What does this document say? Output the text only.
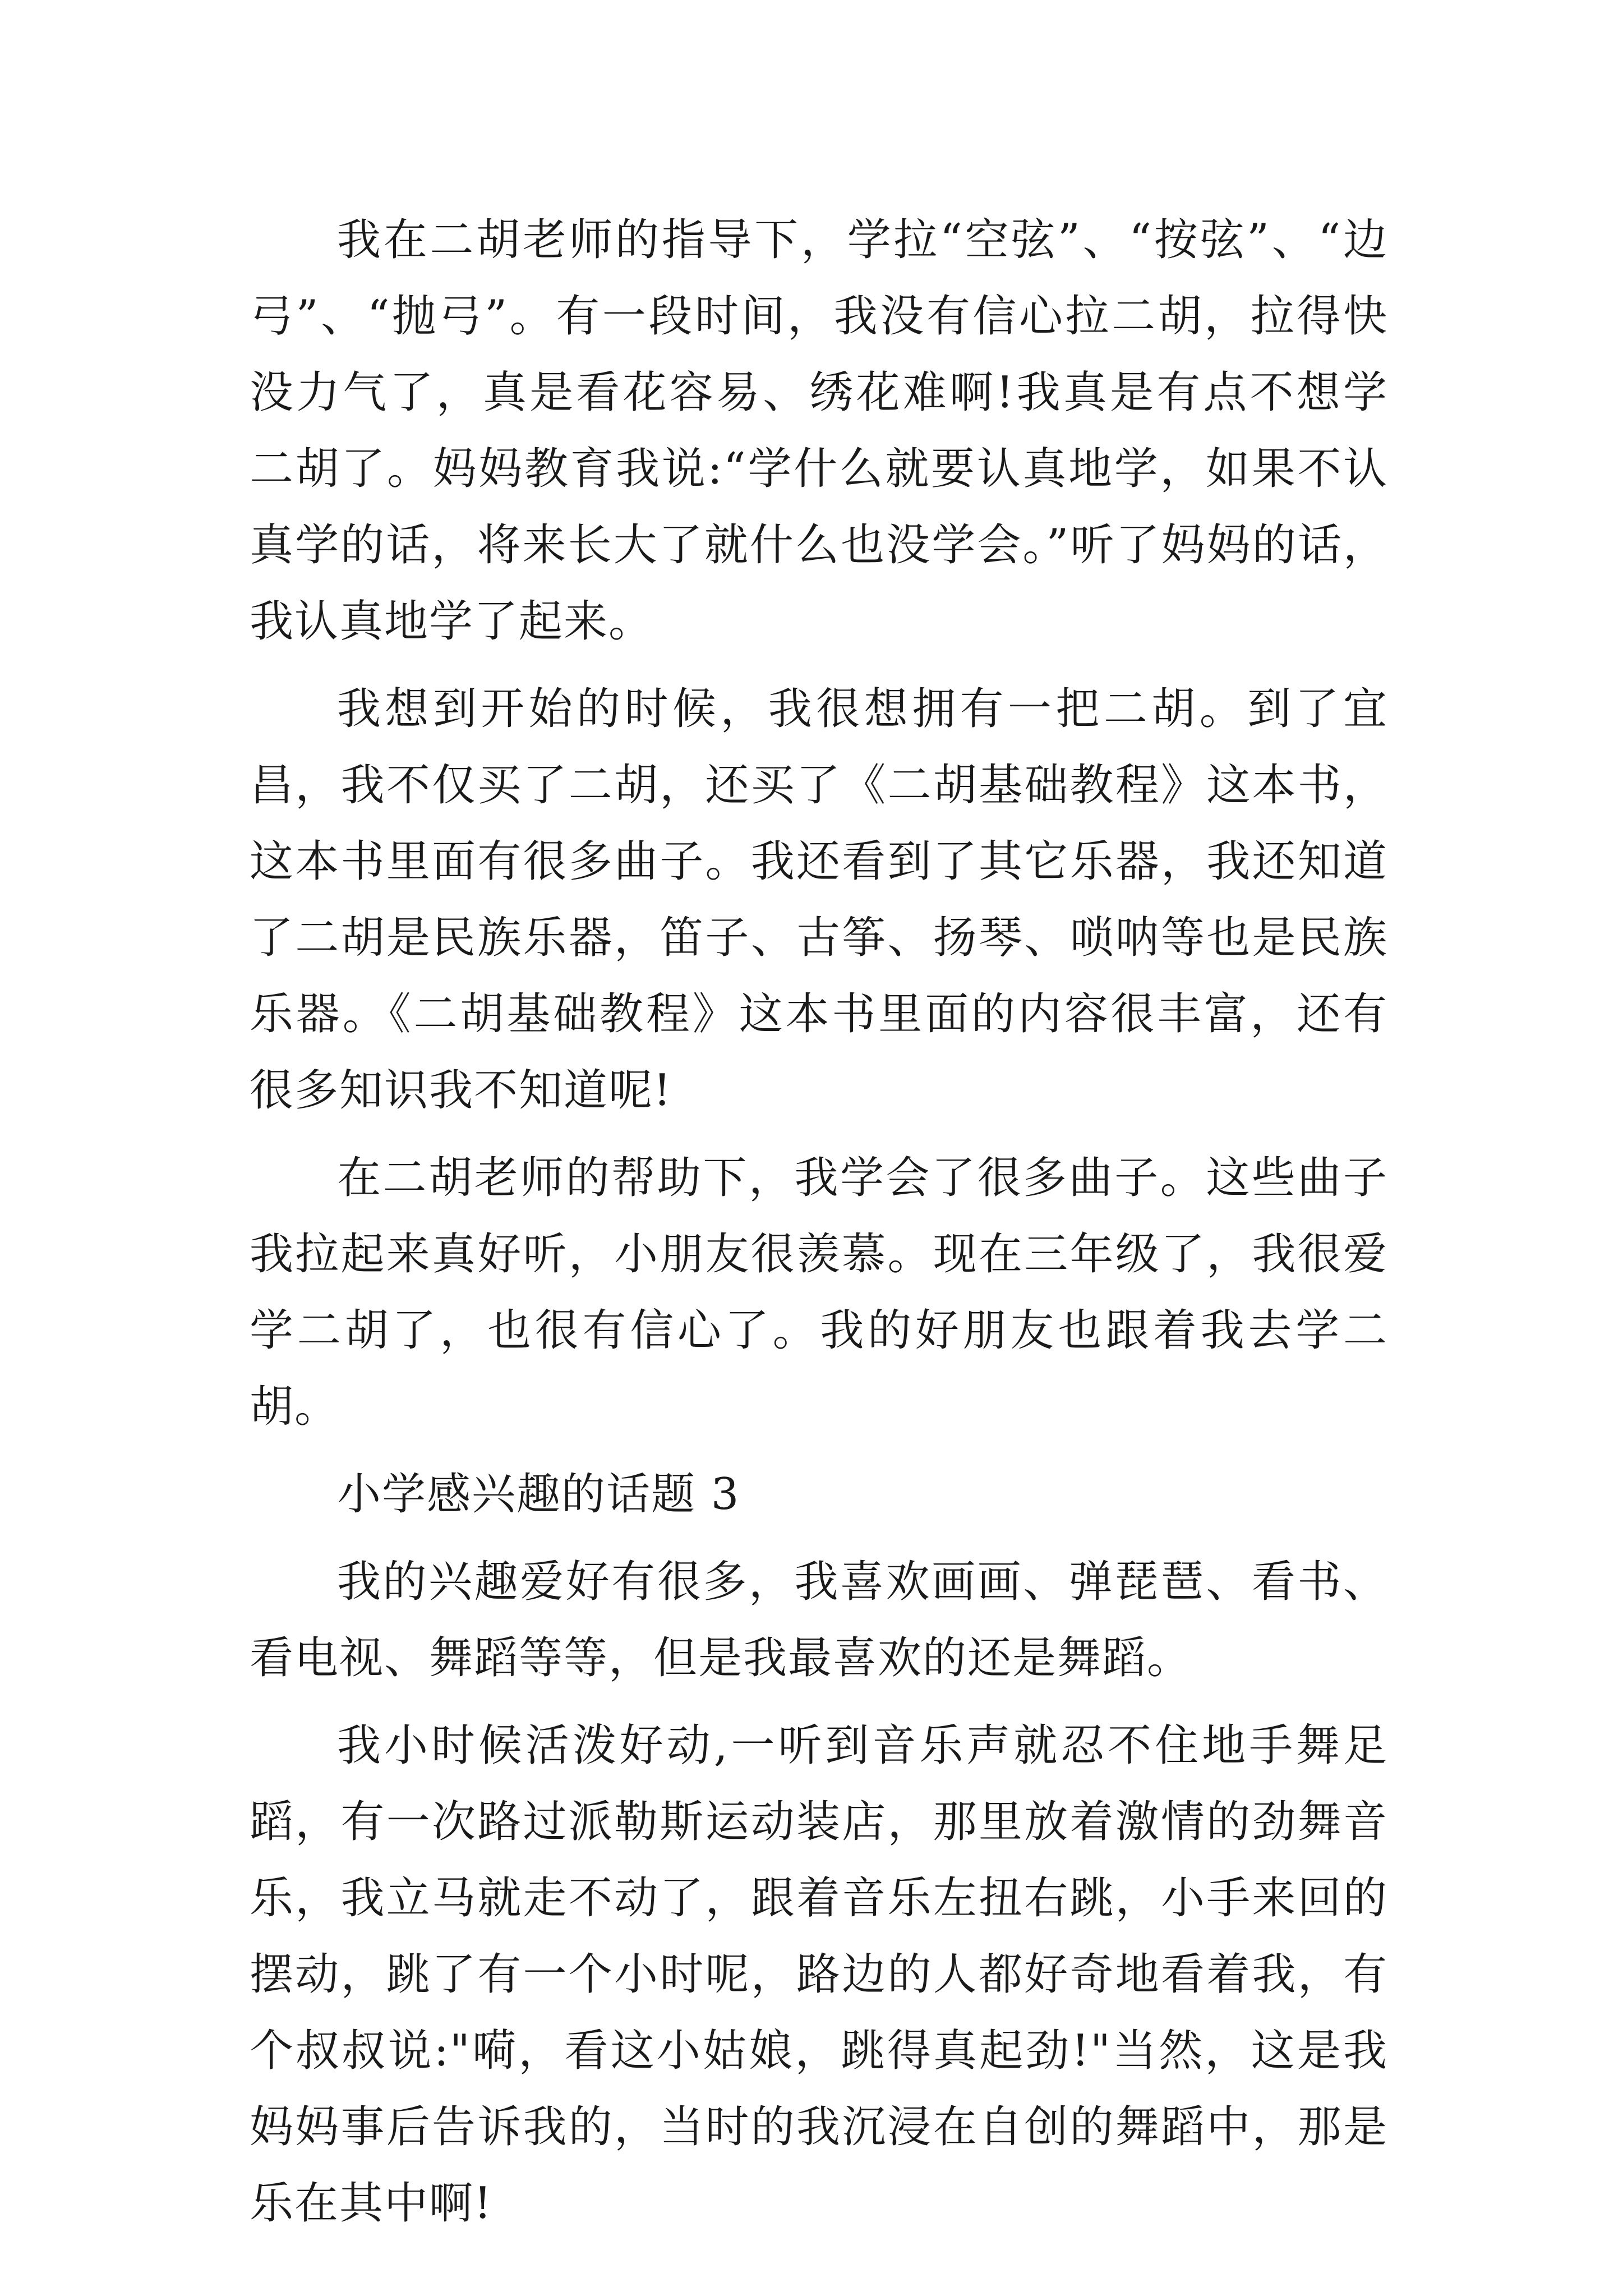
我在二胡老师的指导下，学拉“空弦”、“按弦”、“边弓”、“抛弓”。有一段时间，我没有信心拉二胡，拉得快没力气了，真是看花容易、绣花难啊!我真是有点不想学二胡了。妈妈教育我说:“学什么就要认真地学，如果不认真学的话，将来长大了就什么也没学会。”听了妈妈的话，我认真地学了起来。

我想到开始的时候，我很想拥有一把二胡。到了宜昌，我不仅买了二胡，还买了《二胡基础教程》这本书，这本书里面有很多曲子。我还看到了其它乐器，我还知道了二胡是民族乐器，笛子、古筝、扬琴、唢呐等也是民族乐器。《二胡基础教程》这本书里面的内容很丰富，还有很多知识我不知道呢!

在二胡老师的帮助下，我学会了很多曲子。这些曲子我拉起来真好听，小朋友很羡慕。现在三年级了，我很爱学二胡了，也很有信心了。我的好朋友也跟着我去学二胡。

小学感兴趣的话题 3

我的兴趣爱好有很多，我喜欢画画、弹琵琶、看书、看电视、舞蹈等等，但是我最喜欢的还是舞蹈。

我小时候活泼好动,一听到音乐声就忍不住地手舞足蹈，有一次路过派勒斯运动装店，那里放着激情的劲舞音乐，我立马就走不动了，跟着音乐左扭右跳，小手来回的摆动，跳了有一个小时呢，路边的人都好奇地看着我，有个叔叔说:"嗬，看这小姑娘，跳得真起劲!"当然，这是我妈妈事后告诉我的，当时的我沉浸在自创的舞蹈中，那是乐在其中啊!
